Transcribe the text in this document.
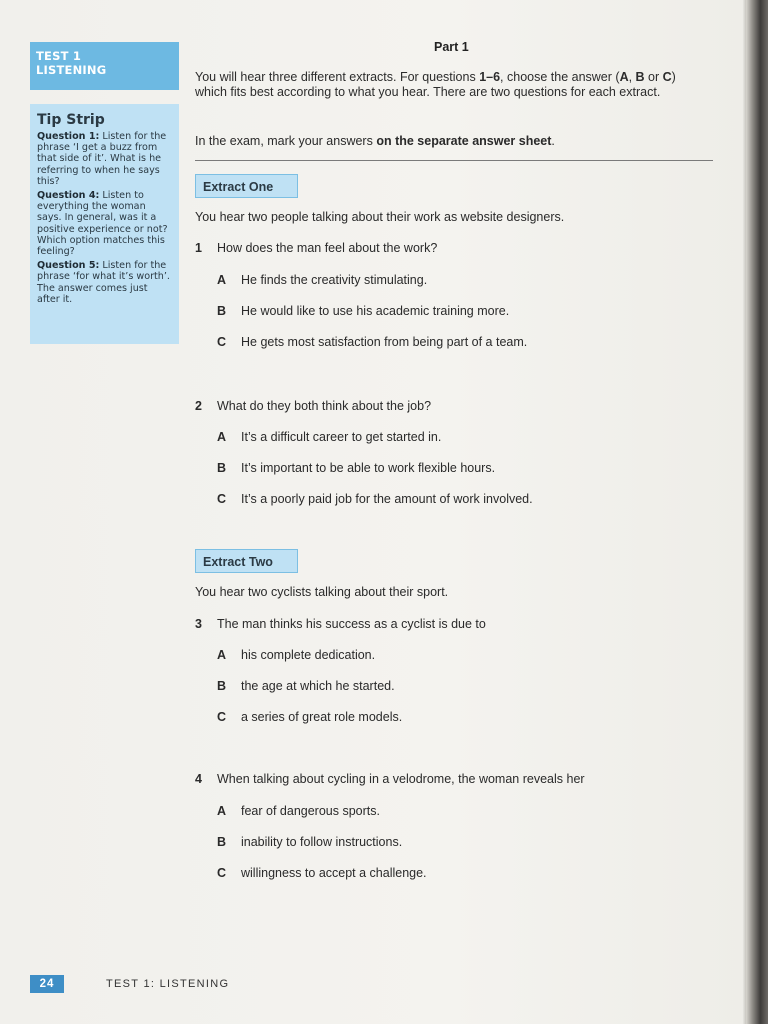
TEST 1
LISTENING
Tip Strip
Question 1: Listen for the phrase ‘I get a buzz from that side of it’. What is he referring to when he says this?
Question 4: Listen to everything the woman says. In general, was it a positive experience or not? Which option matches this feeling?
Question 5: Listen for the phrase ‘for what it’s worth’. The answer comes just after it.
Part 1
You will hear three different extracts. For questions 1–6, choose the answer (A, B or C) which fits best according to what you hear. There are two questions for each extract.
In the exam, mark your answers on the separate answer sheet.
Extract One
You hear two people talking about their work as website designers.
1 How does the man feel about the work?
A He finds the creativity stimulating.
B He would like to use his academic training more.
C He gets most satisfaction from being part of a team.
2 What do they both think about the job?
A It’s a difficult career to get started in.
B It’s important to be able to work flexible hours.
C It’s a poorly paid job for the amount of work involved.
Extract Two
You hear two cyclists talking about their sport.
3 The man thinks his success as a cyclist is due to
A his complete dedication.
B the age at which he started.
C a series of great role models.
4 When talking about cycling in a velodrome, the woman reveals her
A fear of dangerous sports.
B inability to follow instructions.
C willingness to accept a challenge.
24	TEST 1: LISTENING
